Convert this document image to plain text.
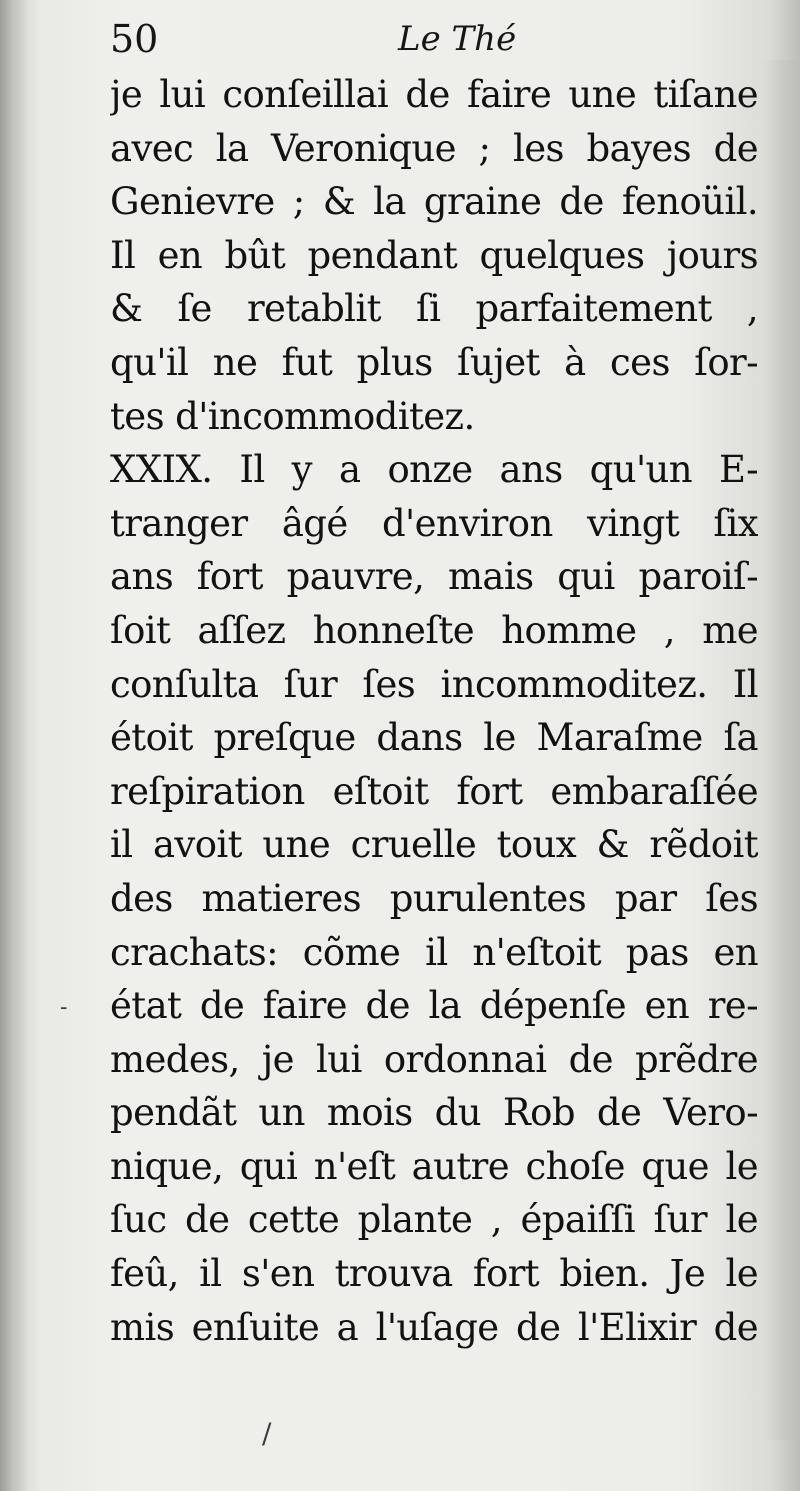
50	Le Thé
je lui conſeillai de faire une tiſane
avec la Veronique ; les bayes de
Genievre ; & la graine de fenoüil.
Il en bût pendant quelques jours
& ſe retablit ſi parfaitement ,
qu'il ne fut plus ſujet à ces ſor-
tes d'incommoditez.
XXIX. Il y a onze ans qu'un E-
tranger âgé d'environ vingt ſix
ans fort pauvre, mais qui paroiſ-
ſoit aſſez honneſte homme , me
conſulta ſur ſes incommoditez. Il
étoit preſque dans le Maraſme ſa
reſpiration eſtoit fort embaraſſée
il avoit une cruelle toux & rẽdoit
des matieres purulentes par ſes
crachats: cõme il n'eſtoit pas en
état de faire de la dépenſe en re-
medes, je lui ordonnai de prẽdre
pendãt un mois du Rob de Vero-
nique, qui n'eſt autre choſe que le
ſuc de cette plante , épaiſſi ſur le
feû, il s'en trouva fort bien. Je le
mis enſuite a l'uſage de l'Elixir de
-
/
